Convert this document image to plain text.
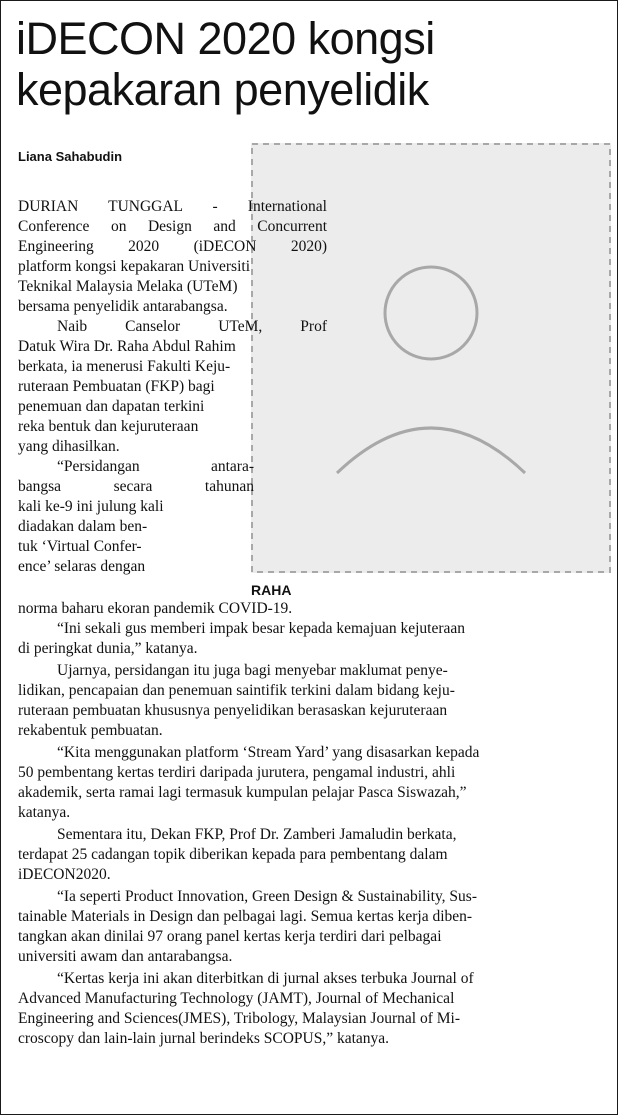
iDECON 2020 kongsi
kepakaran penyelidik
Liana Sahabudin
RAHA

DURIAN TUNGGAL - International

Conference on Design and Concurrent

Engineering 2020 (iDECON 2020)

platform kongsi kepakaran Universiti

Teknikal Malaysia Melaka (UTeM)

bersama penyelidik antarabangsa.

Naib Canselor UTeM, Prof

Datuk Wira Dr. Raha Abdul Rahim

berkata, ia menerusi Fakulti Keju-

ruteraan Pembuatan (FKP) bagi

penemuan dan dapatan terkini

reka bentuk dan kejuruteraan

yang dihasilkan.

“Persidangan antara-

bangsa secara tahunan

kali ke-9 ini julung kali

diadakan dalam ben-

tuk ‘Virtual Confer-

ence’ selaras dengan

norma baharu ekoran pandemik COVID-19.

“Ini sekali gus memberi impak besar kepada kemajuan kejuteraan

di peringkat dunia,” katanya.

Ujarnya, persidangan itu juga bagi menyebar maklumat penye-

lidikan, pencapaian dan penemuan saintifik terkini dalam bidang keju-

ruteraan pembuatan khususnya penyelidikan berasaskan kejuruteraan

rekabentuk pembuatan.

“Kita menggunakan platform ‘Stream Yard’ yang disasarkan kepada

50 pembentang kertas terdiri daripada jurutera, pengamal industri, ahli

akademik, serta ramai lagi termasuk kumpulan pelajar Pasca Siswazah,”

katanya.

Sementara itu, Dekan FKP, Prof Dr. Zamberi Jamaludin berkata,

terdapat 25 cadangan topik diberikan kepada para pembentang dalam

iDECON2020.

“Ia seperti Product Innovation, Green Design & Sustainability, Sus-

tainable Materials in Design dan pelbagai lagi. Semua kertas kerja diben-

tangkan akan dinilai 97 orang panel kertas kerja terdiri dari pelbagai

universiti awam dan antarabangsa.

“Kertas kerja ini akan diterbitkan di jurnal akses terbuka Journal of

Advanced Manufacturing Technology (JAMT), Journal of Mechanical

Engineering and Sciences(JMES), Tribology, Malaysian Journal of Mi-

croscopy dan lain-lain jurnal berindeks SCOPUS,” katanya.
